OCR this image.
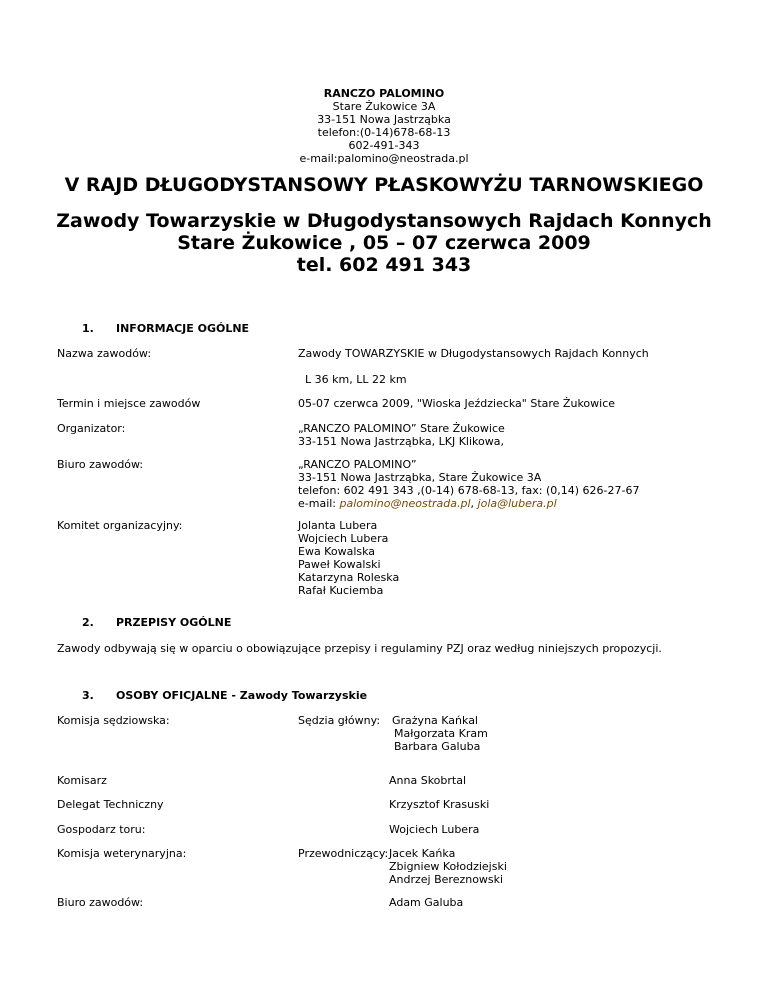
RANCZO PALOMINO
Stare Żukowice 3A
33-151 Nowa Jastrząbka
telefon:(0-14)678-68-13
602-491-343
e-mail:palomino@neostrada.pl
V RAJD DŁUGODYSTANSOWY PŁASKOWYŻU TARNOWSKIEGO
Zawody Towarzyskie w Długodystansowych Rajdach Konnych
Stare Żukowice , 05 – 07 czerwca 2009
tel. 602 491 343
1. INFORMACJE OGÓLNE
Nazwa zawodów:	Zawody TOWARZYSKIE w Długodystansowych Rajdach Konnych
L 36 km, LL 22 km
Termin i miejsce zawodów	05-07 czerwca 2009, "Wioska Jeździecka" Stare Żukowice
Organizator:	„RANCZO PALOMINO” Stare Żukowice
33-151 Nowa Jastrząbka, LKJ Klikowa,
Biuro zawodów:	„RANCZO PALOMINO”
33-151 Nowa Jastrząbka, Stare Żukowice 3A
telefon: 602 491 343 ,(0-14) 678-68-13, fax: (0,14) 626-27-67
e-mail: palomino@neostrada.pl, jola@lubera.pl
Komitet organizacyjny:	Jolanta Lubera
Wojciech Lubera
Ewa Kowalska
Paweł Kowalski
Katarzyna Roleska
Rafał Kuciemba
2. PRZEPISY OGÓLNE
Zawody odbywają się w oparciu o obowiązujące przepisy i regulaminy PZJ oraz według niniejszych propozycji.
3. OSOBY OFICJALNE - Zawody Towarzyskie
Komisja sędziowska:	Sędzia główny: Grażyna Kańkal
Małgorzata Kram
Barbara Galuba
Komisarz	Anna Skobrtal
Delegat Techniczny	Krzysztof Krasuski
Gospodarz toru:	Wojciech Lubera
Komisja weterynaryjna:	Przewodniczący: Jacek Kańka
Zbigniew Kołodziejski
Andrzej Bereznowski
Biuro zawodów:	Adam Galuba
